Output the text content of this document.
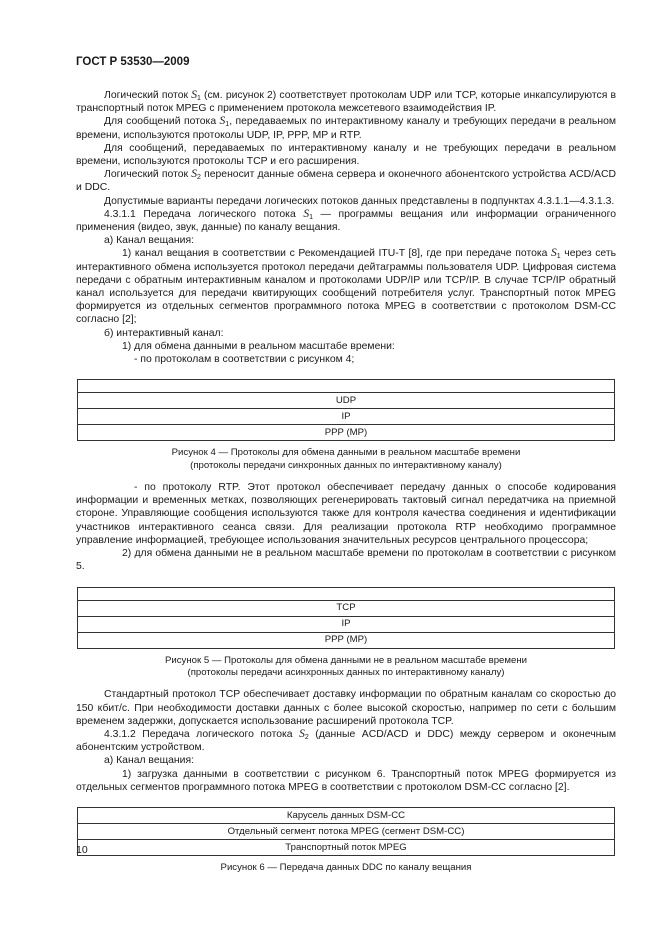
ГОСТ Р 53530—2009

Логический поток $S_1$ (см. рисунок 2) соответствует протоколам UDP или TCP, которые инкапсулируются в транспортный поток MPEG с применением протокола межсетевого взаимодействия IP.

Для сообщений потока $S_1$, передаваемых по интерактивному каналу и требующих передачи в реальном времени, используются протоколы UDP, IP, PPP, MP и RTP.

Для сообщений, передаваемых по интерактивному каналу и не требующих передачи в реальном времени, используются протоколы TCP и его расширения.

Логический поток $S_2$ переносит данные обмена сервера и оконечного абонентского устройства ACD/ACD и DDC.

Допустимые варианты передачи логических потоков данных представлены в подпунктах 4.3.1.1—4.3.1.3.

4.3.1.1 Передача логического потока $S_1$ — программы вещания или информации ограниченного применения (видео, звук, данные) по каналу вещания.

а) Канал вещания:

1) канал вещания в соответствии с Рекомендацией ITU-T [8], где при передаче потока $S_1$ через сеть интерактивного обмена используется протокол передачи дейтаграммы пользователя UDP. Цифровая система передачи с обратным интерактивным каналом и протоколами UDP/IP или TCP/IP. В случае TCP/IP обратный канал используется для передачи квитирующих сообщений потребителя услуг. Транспортный поток MPEG формируется из отдельных сегментов программного потока MPEG в соответствии с протоколом DSM-CC согласно [2];

б) интерактивный канал:

1) для обмена данными в реальном масштабе времени:

- по протоколам в соответствии с рисунком 4;

UDP
IP
PPP (MP)

Рисунок 4 — Протоколы для обмена данными в реальном масштабе времени
(протоколы передачи синхронных данных по интерактивному каналу)

- по протоколу RTP. Этот протокол обеспечивает передачу данных о способе кодирования информации и временных метках, позволяющих регенерировать тактовый сигнал передатчика на приемной стороне. Управляющие сообщения используются также для контроля качества соединения и идентификации участников интерактивного сеанса связи. Для реализации протокола RTP необходимо программное управление информацией, требующее использования значительных ресурсов центрального процессора;

2) для обмена данными не в реальном масштабе времени по протоколам в соответствии с рисунком 5.

TCP
IP
PPP (MP)

Рисунок 5 — Протоколы для обмена данными не в реальном масштабе времени
(протоколы передачи асинхронных данных по интерактивному каналу)

Стандартный протокол TCP обеспечивает доставку информации по обратным каналам со скоростью до 150 кбит/с. При необходимости доставки данных с более высокой скоростью, например по сети с большим временем задержки, допускается использование расширений протокола TCP.

4.3.1.2 Передача логического потока $S_2$ (данные ACD/ACD и DDC) между сервером и оконечным абонентским устройством.

а) Канал вещания:

1) загрузка данными в соответствии с рисунком 6. Транспортный поток MPEG формируется из отдельных сегментов программного потока MPEG в соответствии с протоколом DSM-CC согласно [2].

Карусель данных DSM-CC
Отдельный сегмент потока MPEG (сегмент DSM-CC)
Транспортный поток MPEG

Рисунок 6 — Передача данных DDC по каналу вещания

10
